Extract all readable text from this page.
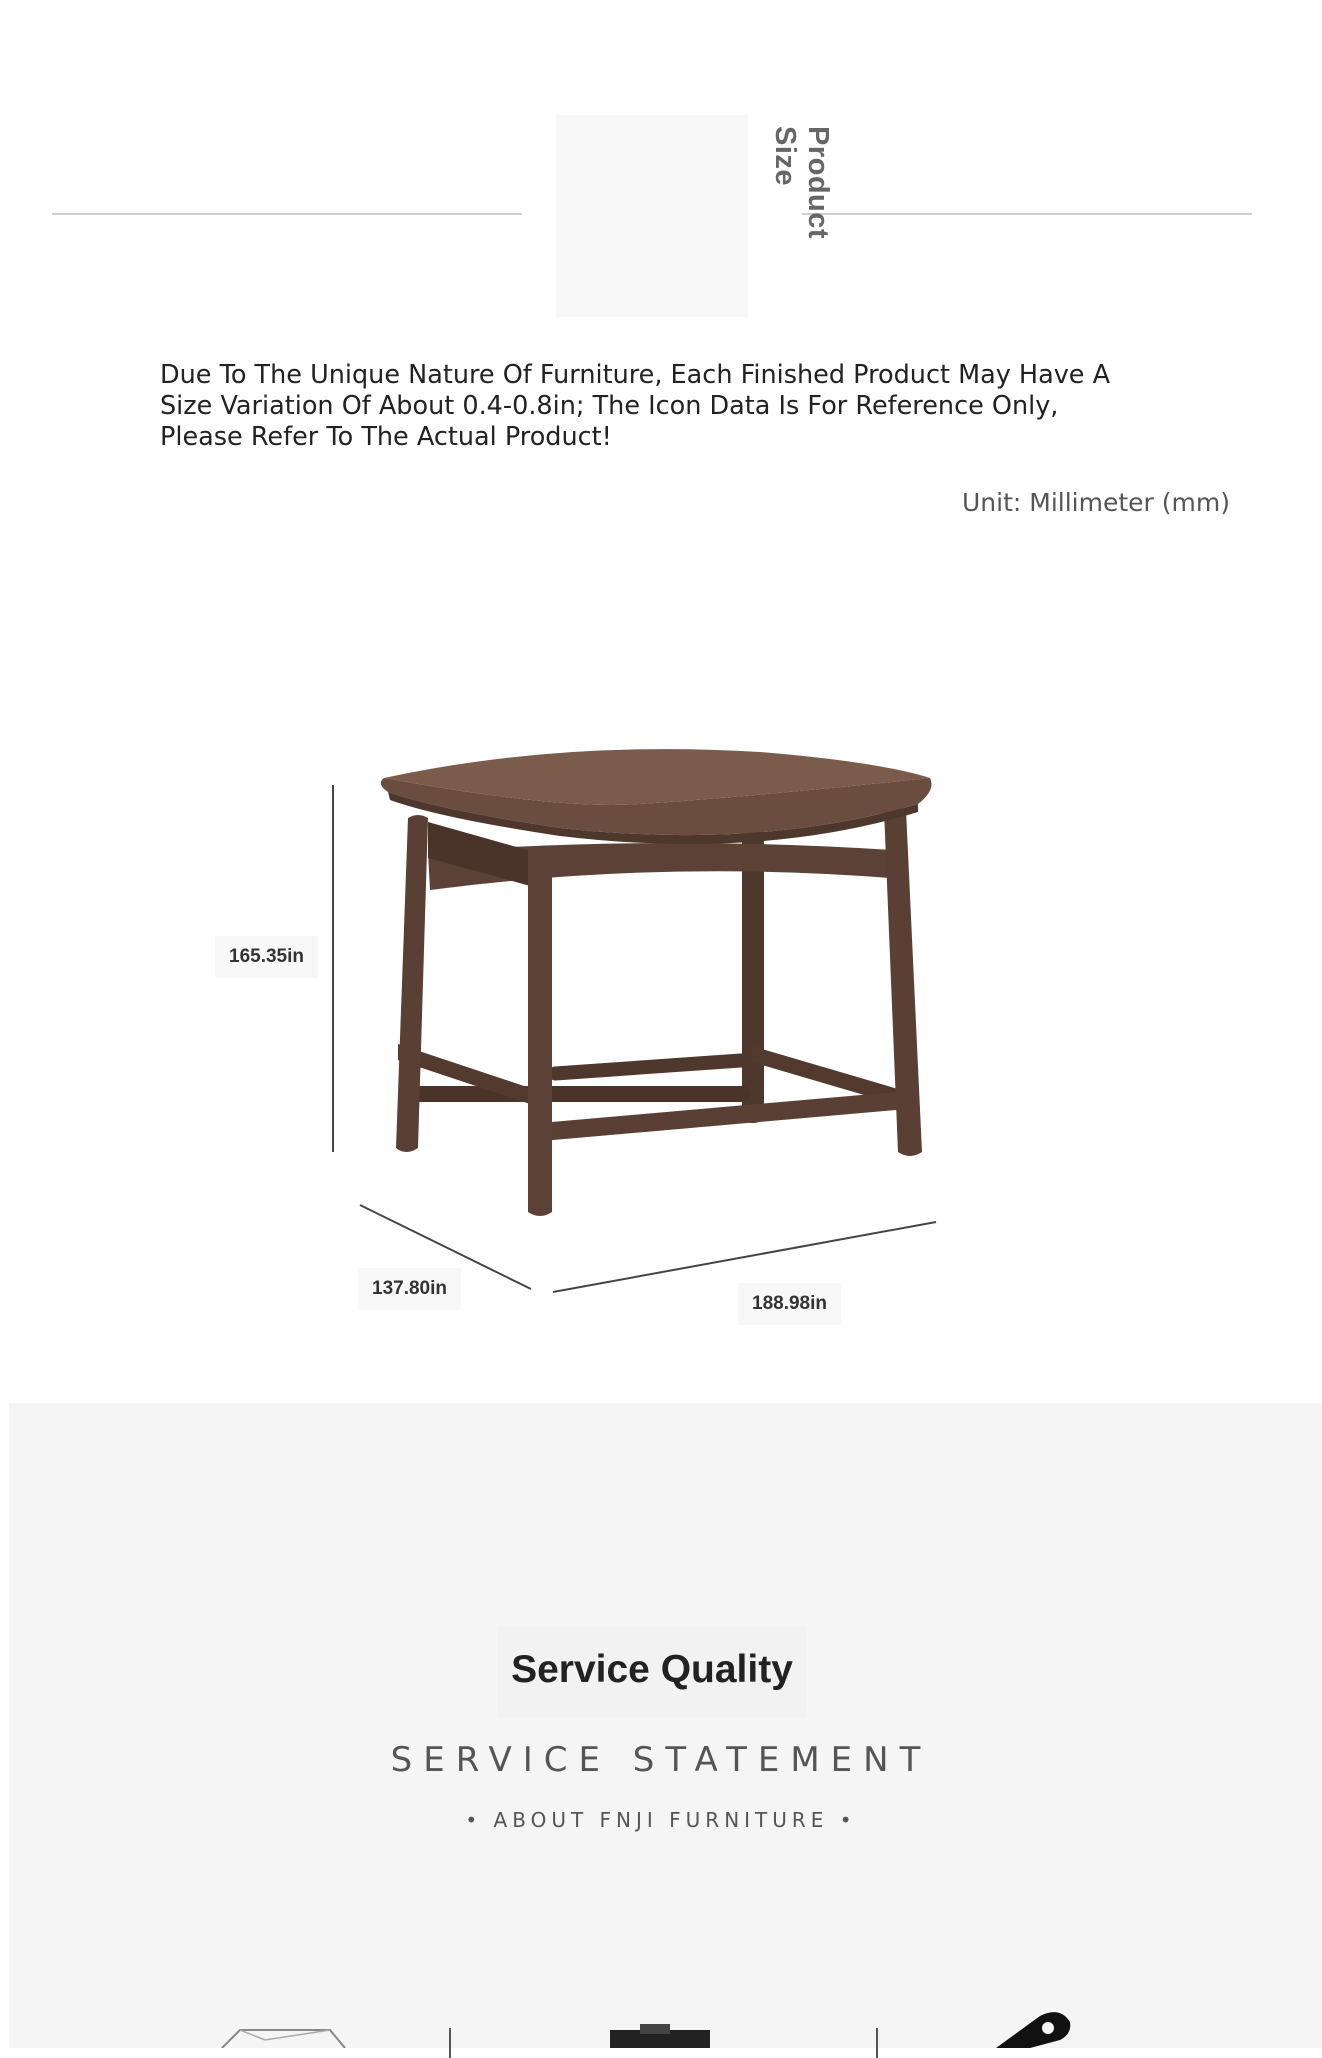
Product Size
Due To The Unique Nature Of Furniture, Each Finished Product May Have A Size Variation Of About 0.4-0.8in; The Icon Data Is For Reference Only, Please Refer To The Actual Product!
Unit: Millimeter (mm)
165.35in
137.80in
188.98in
Service Quality
SERVICE STATEMENT
• ABOUT FNJI FURNITURE •
